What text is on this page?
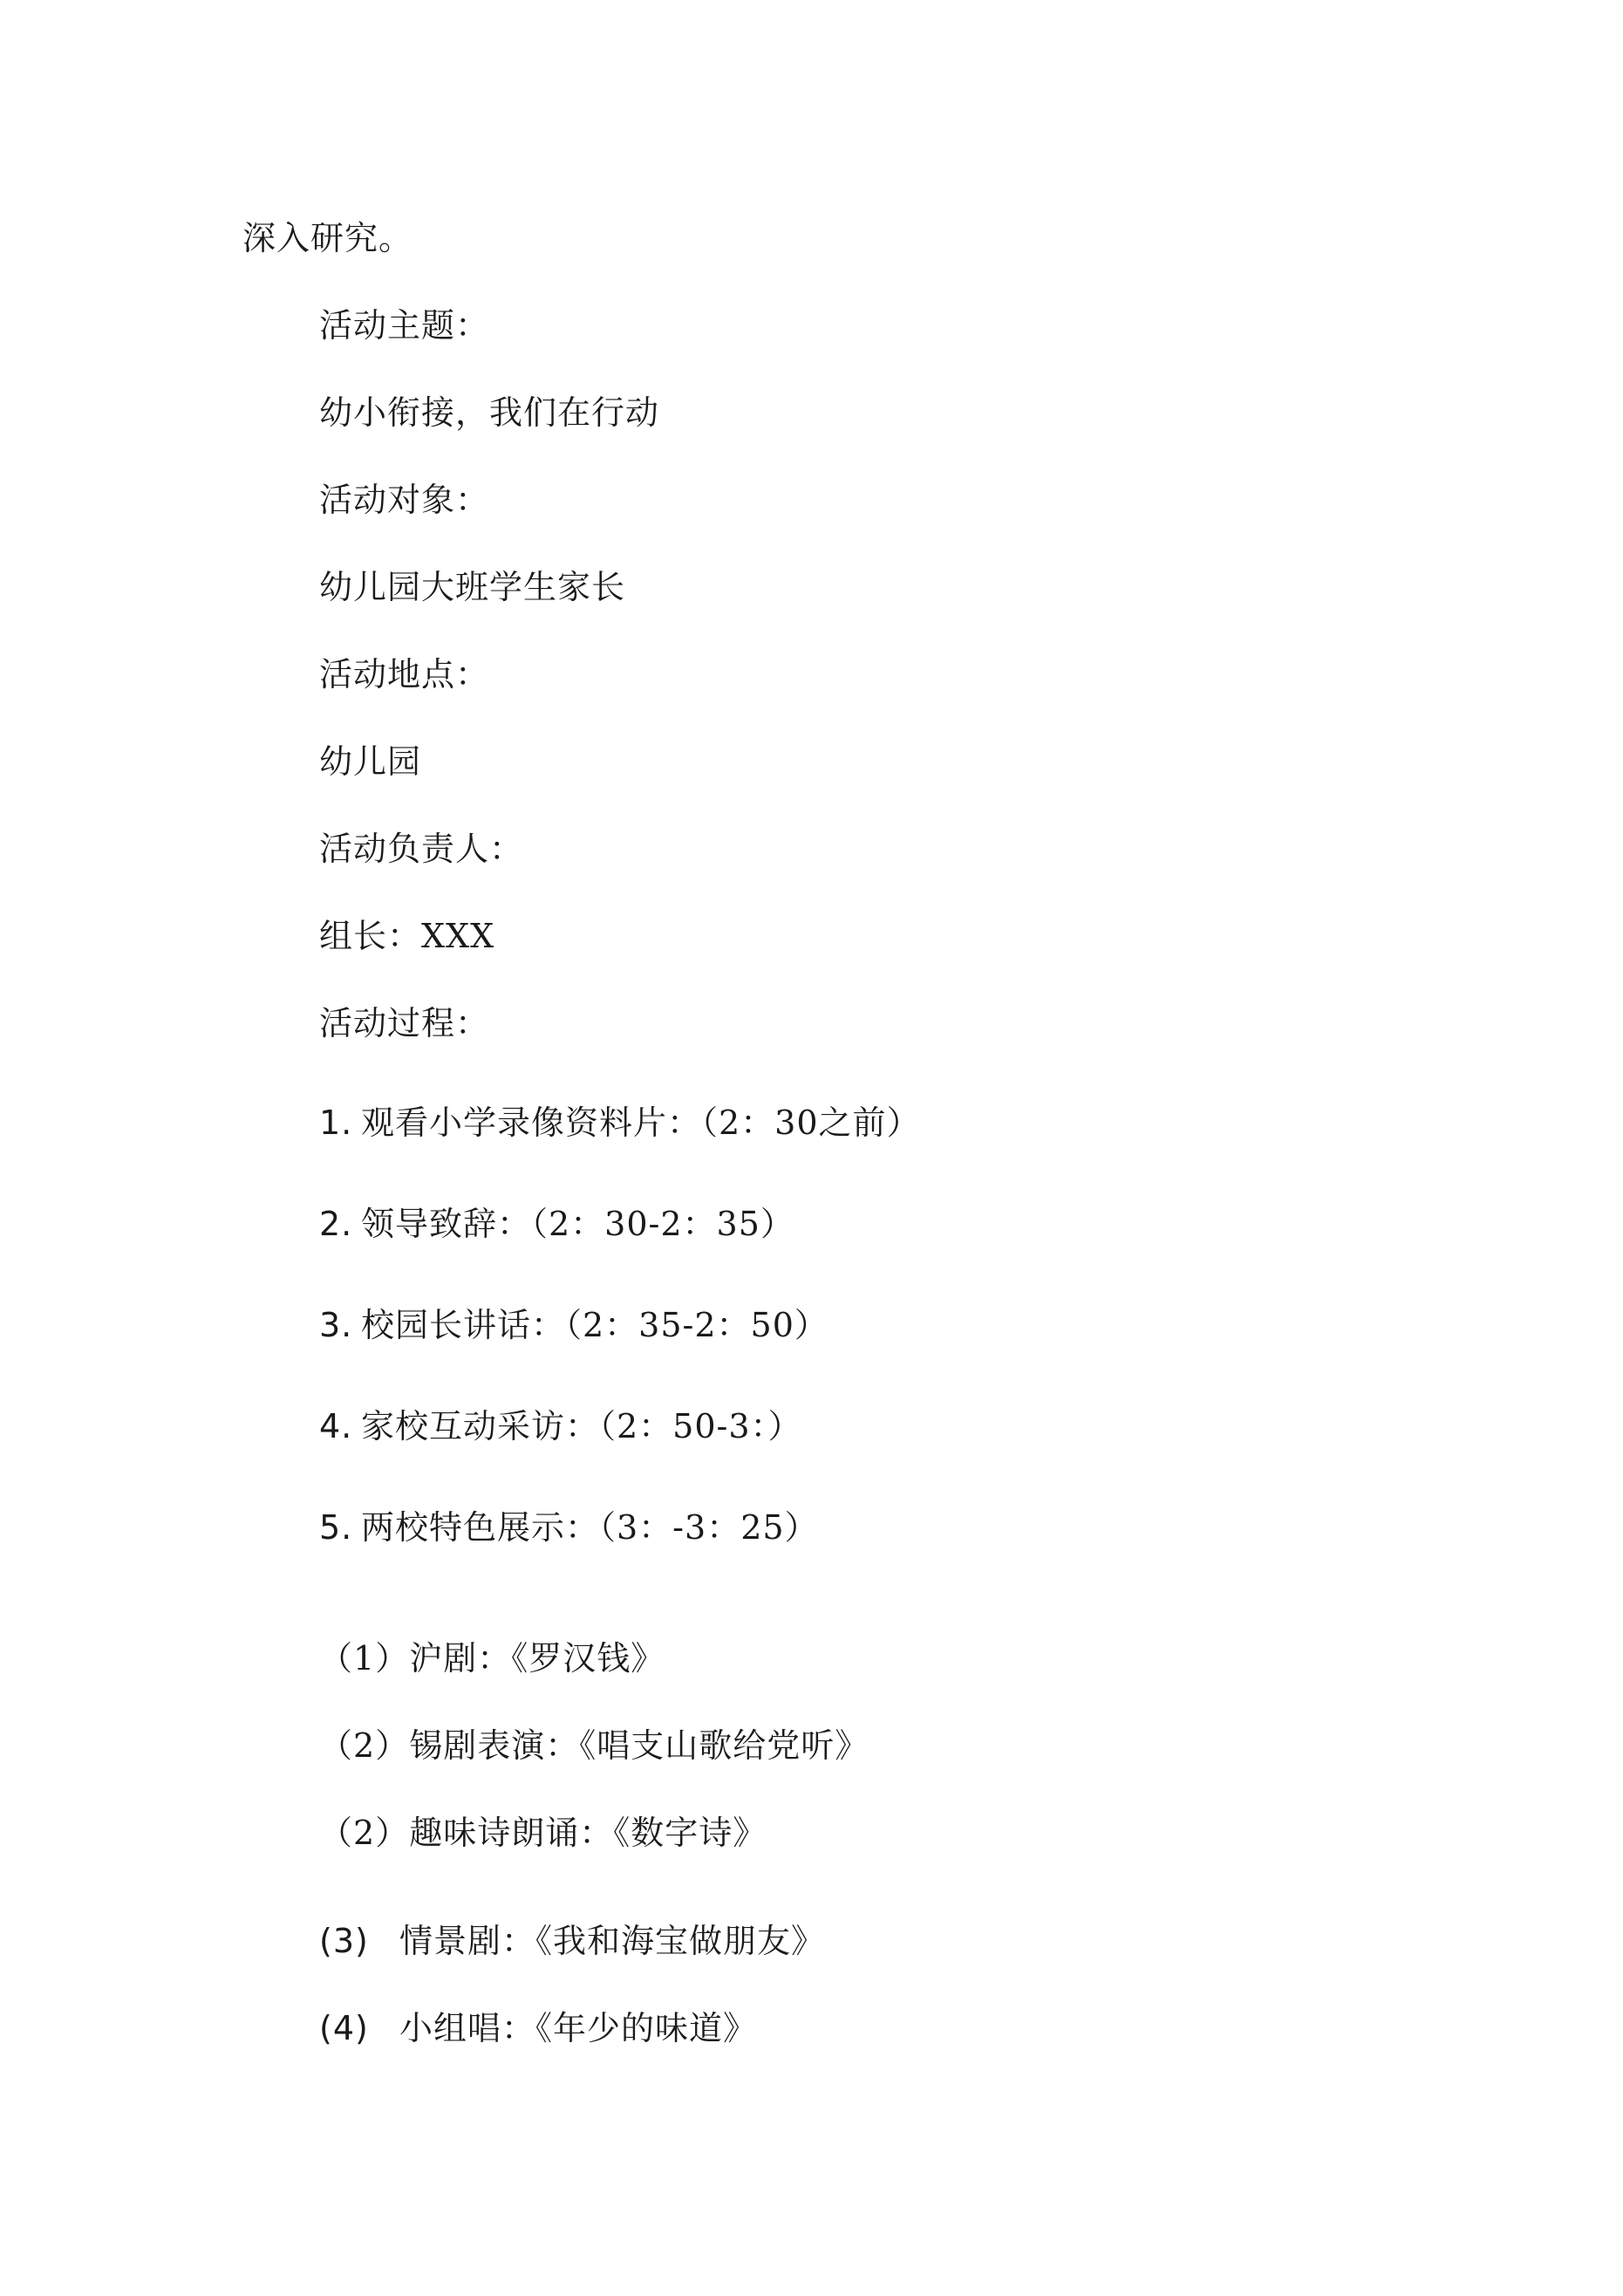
深入研究。
活动主题：
幼小衔接，我们在行动
活动对象：
幼儿园大班学生家长
活动地点：
幼儿园
活动负责人：
组长：XXX
活动过程：
1. 观看小学录像资料片：（2：30之前）
2. 领导致辞：（2：30-2：35）
3. 校园长讲话：（2：35-2：50）
4. 家校互动采访：（2：50-3：）
5. 两校特色展示：（3：-3：25）
（1）沪剧：《罗汉钱》
（2）锡剧表演：《唱支山歌给党听》
（2）趣味诗朗诵：《数字诗》
(3) 情景剧：《我和海宝做朋友》
(4) 小组唱：《年少的味道》
